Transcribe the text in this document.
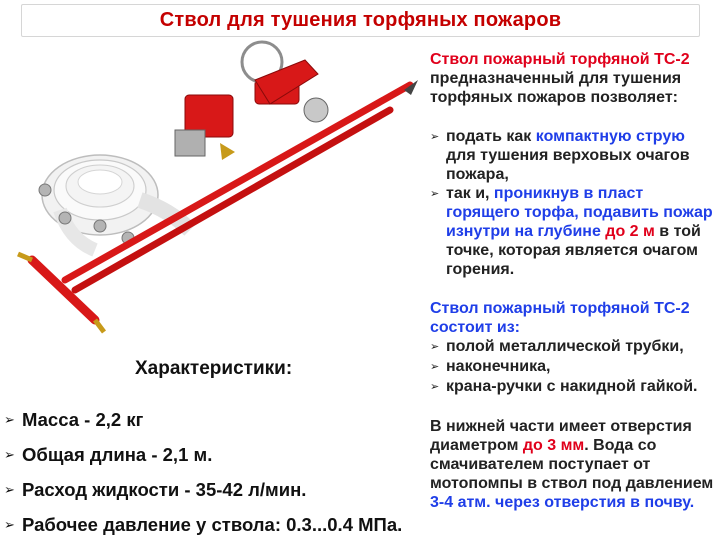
Ствол для тушения торфяных пожаров
Характеристики:
➢ Масса - 2,2 кг
➢ Общая длина - 2,1 м.
➢ Расход жидкости - 35-42 л/мин.
➢ Рабочее давление у ствола: 0.3...0.4 МПа.

Ствол пожарный торфяной ТС-2 предназначенный для тушения торфяных пожаров позволяет:

➢ подать как компактную струю для тушения верховых очагов пожара,
➢ так и, проникнув в пласт горящего торфа, подавить пожар изнутри на глубине до 2 м в той точке, которая является очагом горения.

Ствол пожарный торфяной ТС-2 состоит из:

➢ полой металлической трубки,
➢ наконечника,
➢ крана-ручки с накидной гайкой.

В нижней части имеет отверстия диаметром до 3 мм. Вода со смачивателем поступает от мотопомпы в ствол под давлением 3-4 атм. через отверстия в почву.
